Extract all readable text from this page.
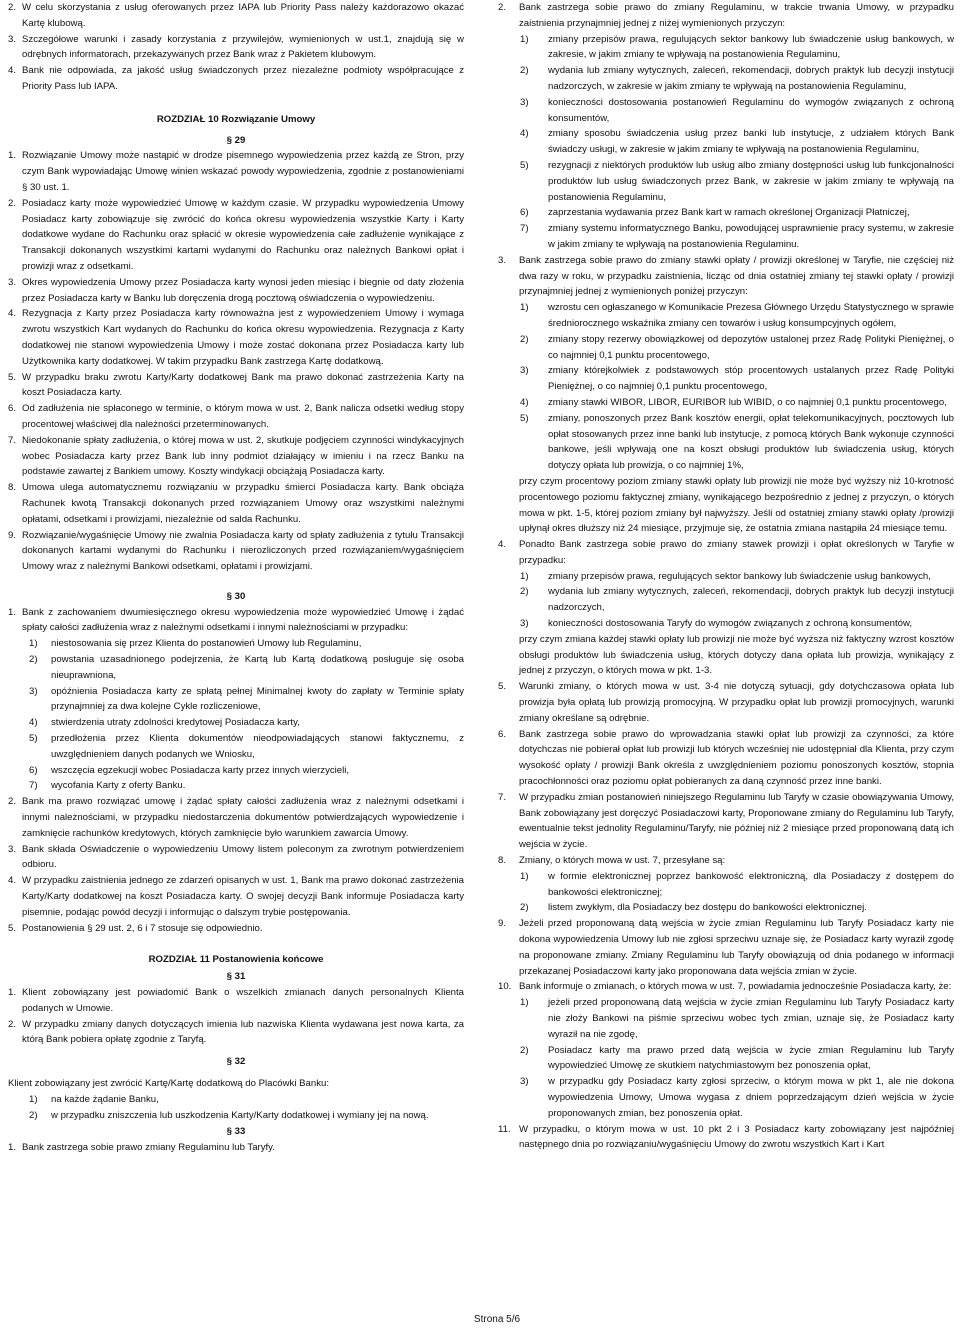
2. W celu skorzystania z usług oferowanych przez IAPA lub Priority Pass należy każdorazowo okazać Kartę klubową.
3. Szczegółowe warunki i zasady korzystania z przywilejów, wymienionych w ust.1, znajdują się w odrębnych informatorach, przekazywanych przez Bank wraz z Pakietem klubowym.
4. Bank nie odpowiada, za jakość usług świadczonych przez niezależne podmioty współpracujące z Priority Pass lub IAPA.
ROZDZIAŁ 10 Rozwiązanie Umowy
§ 29
1. Rozwiązanie Umowy może nastąpić w drodze pisemnego wypowiedzenia przez każdą ze Stron, przy czym Bank wypowiadając Umowę winien wskazać powody wypowiedzenia, zgodnie z postanowieniami § 30 ust. 1.
2. Posiadacz karty może wypowiedzieć Umowę w każdym czasie. W przypadku wypowiedzenia Umowy Posiadacz karty zobowiązuje się zwrócić do końca okresu wypowiedzenia wszystkie Karty i Karty dodatkowe wydane do Rachunku oraz spłacić w okresie wypowiedzenia całe zadłużenie wynikające z Transakcji dokonanych wszystkimi kartami wydanymi do Rachunku oraz należnych Bankowi opłat i prowizji wraz z odsetkami.
3. Okres wypowiedzenia Umowy przez Posiadacza karty wynosi jeden miesiąc i biegnie od daty złożenia przez Posiadacza karty w Banku lub doręczenia drogą pocztową oświadczenia o wypowiedzeniu.
4. Rezygnacja z Karty przez Posiadacza karty równoważna jest z wypowiedzeniem Umowy i wymaga zwrotu wszystkich Kart wydanych do Rachunku do końca okresu wypowiedzenia. Rezygnacja z Karty dodatkowej nie stanowi wypowiedzenia Umowy i może zostać dokonana przez Posiadacza karty lub Użytkownika karty dodatkowej. W takim przypadku Bank zastrzega Kartę dodatkową.
5. W przypadku braku zwrotu Karty/Karty dodatkowej Bank ma prawo dokonać zastrzeżenia Karty na koszt Posiadacza karty.
6. Od zadłużenia nie spłaconego w terminie, o którym mowa w ust. 2, Bank nalicza odsetki według stopy procentowej właściwej dla należności przeterminowanych.
7. Niedokonanie spłaty zadłużenia, o której mowa w ust. 2, skutkuje podjęciem czynności windykacyjnych wobec Posiadacza karty przez Bank lub inny podmiot działający w imieniu i na rzecz Banku na podstawie zawartej z Bankiem umowy. Koszty windykacji obciążają Posiadacza karty.
8. Umowa ulega automatycznemu rozwiązaniu w przypadku śmierci Posiadacza karty. Bank obciąża Rachunek kwotą Transakcji dokonanych przed rozwiązaniem Umowy oraz wszystkimi należnymi opłatami, odsetkami i prowizjami, niezależnie od salda Rachunku.
9. Rozwiązanie/wygaśnięcie Umowy nie zwalnia Posiadacza karty od spłaty zadłużenia z tytułu Transakcji dokonanych kartami wydanymi do Rachunku i nierozliczonych przed rozwiązaniem/wygaśnięciem Umowy wraz z należnymi Bankowi odsetkami, opłatami i prowizjami.
§ 30
1. Bank z zachowaniem dwumiesięcznego okresu wypowiedzenia może wypowiedzieć Umowę i żądać spłaty całości zadłużenia wraz z należnymi odsetkami i innymi należnościami w przypadku:
1) niestosowania się przez Klienta do postanowień Umowy lub Regulaminu,
2) powstania uzasadnionego podejrzenia, że Kartą lub Kartą dodatkową posługuje się osoba nieuprawniona,
3) opóźnienia Posiadacza karty ze spłatą pełnej Minimalnej kwoty do zapłaty w Terminie spłaty przynajmniej za dwa kolejne Cykle rozliczeniowe,
4) stwierdzenia utraty zdolności kredytowej Posiadacza karty,
5) przedłożenia przez Klienta dokumentów nieodpowiadających stanowi faktycznemu, z uwzględnieniem danych podanych we Wniosku,
6) wszczęcia egzekucji wobec Posiadacza karty przez innych wierzycieli,
7) wycofania Karty z oferty Banku.
2. Bank ma prawo rozwiązać umowę i żądać spłaty całości zadłużenia wraz z należnymi odsetkami i innymi należnościami, w przypadku niedostarczenia dokumentów potwierdzających wypowiedzenie i zamknięcie rachunków kredytowych, których zamknięcie było warunkiem zawarcia Umowy.
3. Bank składa Oświadczenie o wypowiedzeniu Umowy listem poleconym za zwrotnym potwierdzeniem odbioru.
4. W przypadku zaistnienia jednego ze zdarzeń opisanych w ust. 1, Bank ma prawo dokonać zastrzeżenia Karty/Karty dodatkowej na koszt Posiadacza karty. O swojej decyzji Bank informuje Posiadacza karty pisemnie, podając powód decyzji i informując o dalszym trybie postępowania.
5. Postanowienia § 29 ust. 2, 6 i 7 stosuje się odpowiednio.
ROZDZIAŁ 11 Postanowienia końcowe
§ 31
1. Klient zobowiązany jest powiadomić Bank o wszelkich zmianach danych personalnych Klienta podanych w Umowie.
2. W przypadku zmiany danych dotyczących imienia lub nazwiska Klienta wydawana jest nowa karta, za którą Bank pobiera opłatę zgodnie z Taryfą.
§ 32
Klient zobowiązany jest zwrócić Kartę/Kartę dodatkową do Placówki Banku:
1) na każde żądanie Banku,
2) w przypadku zniszczenia lub uszkodzenia Karty/Karty dodatkowej i wymiany jej na nową.
§ 33
1. Bank zastrzega sobie prawo zmiany Regulaminu lub Taryfy.
2. Bank zastrzega sobie prawo do zmiany Regulaminu, w trakcie trwania Umowy, w przypadku zaistnienia przynajmniej jednej z niżej wymienionych przyczyn:
1) zmiany przepisów prawa, regulujących sektor bankowy lub świadczenie usług bankowych, w zakresie, w jakim zmiany te wpływają na postanowienia Regulaminu,
2) wydania lub zmiany wytycznych, zaleceń, rekomendacji, dobrych praktyk lub decyzji instytucji nadzorczych, w zakresie w jakim zmiany te wpływają na postanowienia Regulaminu,
3) konieczności dostosowania postanowień Regulaminu do wymogów związanych z ochroną konsumentów,
4) zmiany sposobu świadczenia usług przez banki lub instytucje, z udziałem których Bank świadczy usługi, w zakresie w jakim zmiany te wpływają na postanowienia Regulaminu,
5) rezygnacji z niektórych produktów lub usług albo zmiany dostępności usług lub funkcjonalności produktów lub usług świadczonych przez Bank, w zakresie w jakim zmiany te wpływają na postanowienia Regulaminu,
6) zaprzestania wydawania przez Bank kart w ramach określonej Organizacji Płatniczej,
7) zmiany systemu informatycznego Banku, powodującej usprawnienie pracy systemu, w zakresie w jakim zmiany te wpływają na postanowienia Regulaminu.
3. Bank zastrzega sobie prawo do zmiany stawki opłaty / prowizji określonej w Taryfie, nie częściej niż dwa razy w roku, w przypadku zaistnienia, licząc od dnia ostatniej zmiany tej stawki opłaty / prowizji przynajmniej jednej z wymienionych poniżej przyczyn:
1) wzrostu cen ogłaszanego w Komunikacie Prezesa Głównego Urzędu Statystycznego w sprawie średniorocznego wskaźnika zmiany cen towarów i usług konsumpcyjnych ogółem,
2) zmiany stopy rezerwy obowiązkowej od depozytów ustalonej przez Radę Polityki Pieniężnej, o co najmniej 0,1 punktu procentowego,
3) zmiany którejkolwiek z podstawowych stóp procentowych ustalanych przez Radę Polityki Pieniężnej, o co najmniej 0,1 punktu procentowego,
4) zmiany stawki WIBOR, LIBOR, EURIBOR lub WIBID, o co najmniej 0,1 punktu procentowego,
5) zmiany, ponoszonych przez Bank kosztów energii, opłat telekomunikacyjnych, pocztowych lub opłat stosowanych przez inne banki lub instytucje, z pomocą których Bank wykonuje czynności bankowe, jeśli wpływają one na koszt obsługi produktów lub świadczenia usług, których dotyczy opłata lub prowizja, o co najmniej 1%,
przy czym procentowy poziom zmiany stawki opłaty lub prowizji nie może być wyższy niż 10-krotność procentowego poziomu faktycznej zmiany, wynikającego bezpośrednio z jednej z przyczyn, o których mowa w pkt. 1-5, której poziom zmiany był najwyższy. Jeśli od ostatniej zmiany stawki opłaty /prowizji upłynął okres dłuższy niż 24 miesiące, przyjmuje się, że ostatnia zmiana nastąpiła 24 miesiące temu.
4. Ponadto Bank zastrzega sobie prawo do zmiany stawek prowizji i opłat określonych w Taryfie w przypadku:
1) zmiany przepisów prawa, regulujących sektor bankowy lub świadczenie usług bankowych,
2) wydania lub zmiany wytycznych, zaleceń, rekomendacji, dobrych praktyk lub decyzji instytucji nadzorczych,
3) konieczności dostosowania Taryfy do wymogów związanych z ochroną konsumentów,
przy czym zmiana każdej stawki opłaty lub prowizji nie może być wyższa niż faktyczny wzrost kosztów obsługi produktów lub świadczenia usług, których dotyczy dana opłata lub prowizja, wynikający z jednej z przyczyn, o których mowa w pkt. 1-3.
5. Warunki zmiany, o których mowa w ust. 3-4 nie dotyczą sytuacji, gdy dotychczasowa opłata lub prowizja była opłatą lub prowizją promocyjną. W przypadku opłat lub prowizji promocyjnych, warunki zmiany określane są odrębnie.
6. Bank zastrzega sobie prawo do wprowadzania stawki opłat lub prowizji za czynności, za które dotychczas nie pobierał opłat lub prowizji lub których wcześniej nie udostępniał dla Klienta, przy czym wysokość opłaty / prowizji Bank określa z uwzględnieniem poziomu ponoszonych kosztów, stopnia pracochłonności oraz poziomu opłat pobieranych za daną czynność przez inne banki.
7. W przypadku zmian postanowień niniejszego Regulaminu lub Taryfy w czasie obowiązywania Umowy, Bank zobowiązany jest doręczyć Posiadaczowi karty, Proponowane zmiany do Regulaminu lub Taryfy, ewentualnie tekst jednolity Regulaminu/Taryfy, nie później niż 2 miesiące przed proponowaną datą ich wejścia w życie.
8. Zmiany, o których mowa w ust. 7, przesyłane są:
1) w formie elektronicznej poprzez bankowość elektroniczną, dla Posiadaczy z dostępem do bankowości elektronicznej;
2) listem zwykłym, dla Posiadaczy bez dostępu do bankowości elektronicznej.
9. Jeżeli przed proponowaną datą wejścia w życie zmian Regulaminu lub Taryfy Posiadacz karty nie dokona wypowiedzenia Umowy lub nie zgłosi sprzeciwu uznaje się, że Posiadacz karty wyraził zgodę na proponowane zmiany. Zmiany Regulaminu lub Taryfy obowiązują od dnia podanego w informacji przekazanej Posiadaczowi karty jako proponowana data wejścia zmian w życie.
10. Bank informuje o zmianach, o których mowa w ust. 7, powiadamia jednocześnie Posiadacza karty, że:
1) jeżeli przed proponowaną datą wejścia w życie zmian Regulaminu lub Taryfy Posiadacz karty nie złoży Bankowi na piśmie sprzeciwu wobec tych zmian, uznaje się, że Posiadacz karty wyraził na nie zgodę,
2) Posiadacz karty ma prawo przed datą wejścia w życie zmian Regulaminu lub Taryfy wypowiedzieć Umowę ze skutkiem natychmiastowym bez ponoszenia opłat,
3) w przypadku gdy Posiadacz karty zgłosi sprzeciw, o którym mowa w pkt 1, ale nie dokona wypowiedzenia Umowy, Umowa wygasa z dniem poprzedzającym dzień wejścia w życie proponowanych zmian, bez ponoszenia opłat.
11. W przypadku, o którym mowa w ust. 10 pkt 2 i 3 Posiadacz karty zobowiązany jest najpóźniej następnego dnia po rozwiązaniu/wygaśnięciu Umowy do zwrotu wszystkich Kart i Kart
Strona 5/6
